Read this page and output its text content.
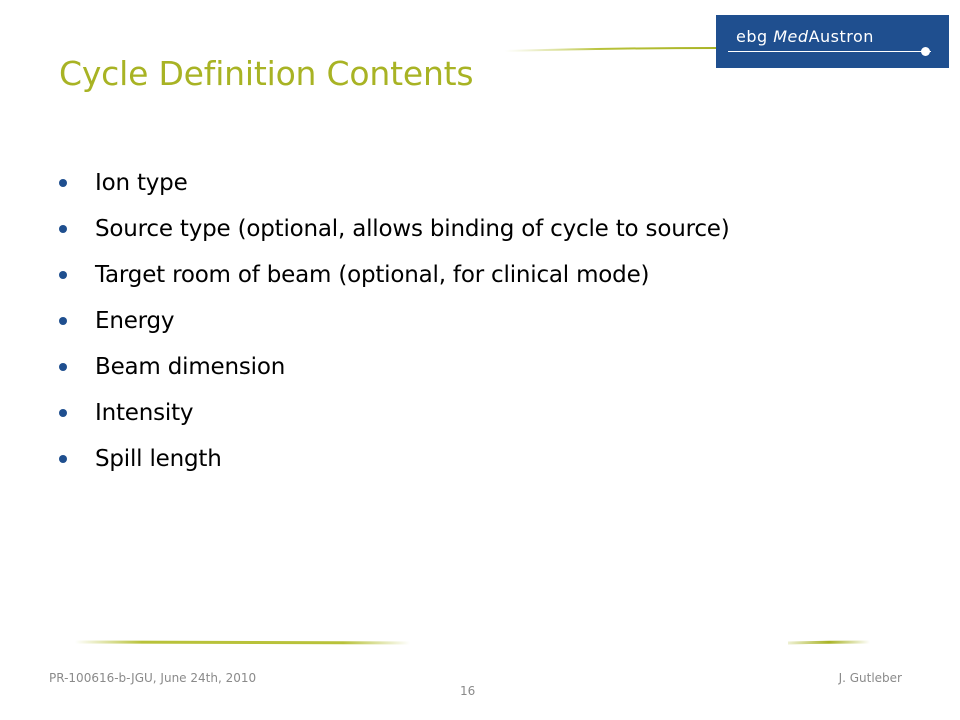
ebg MedAustron
Cycle Definition Contents
Ion type
Source type (optional, allows binding of cycle to source)
Target room of beam (optional, for clinical mode)
Energy
Beam dimension
Intensity
Spill length
PR-100616-b-JGU, June 24th, 2010	J. Gutleber
16
